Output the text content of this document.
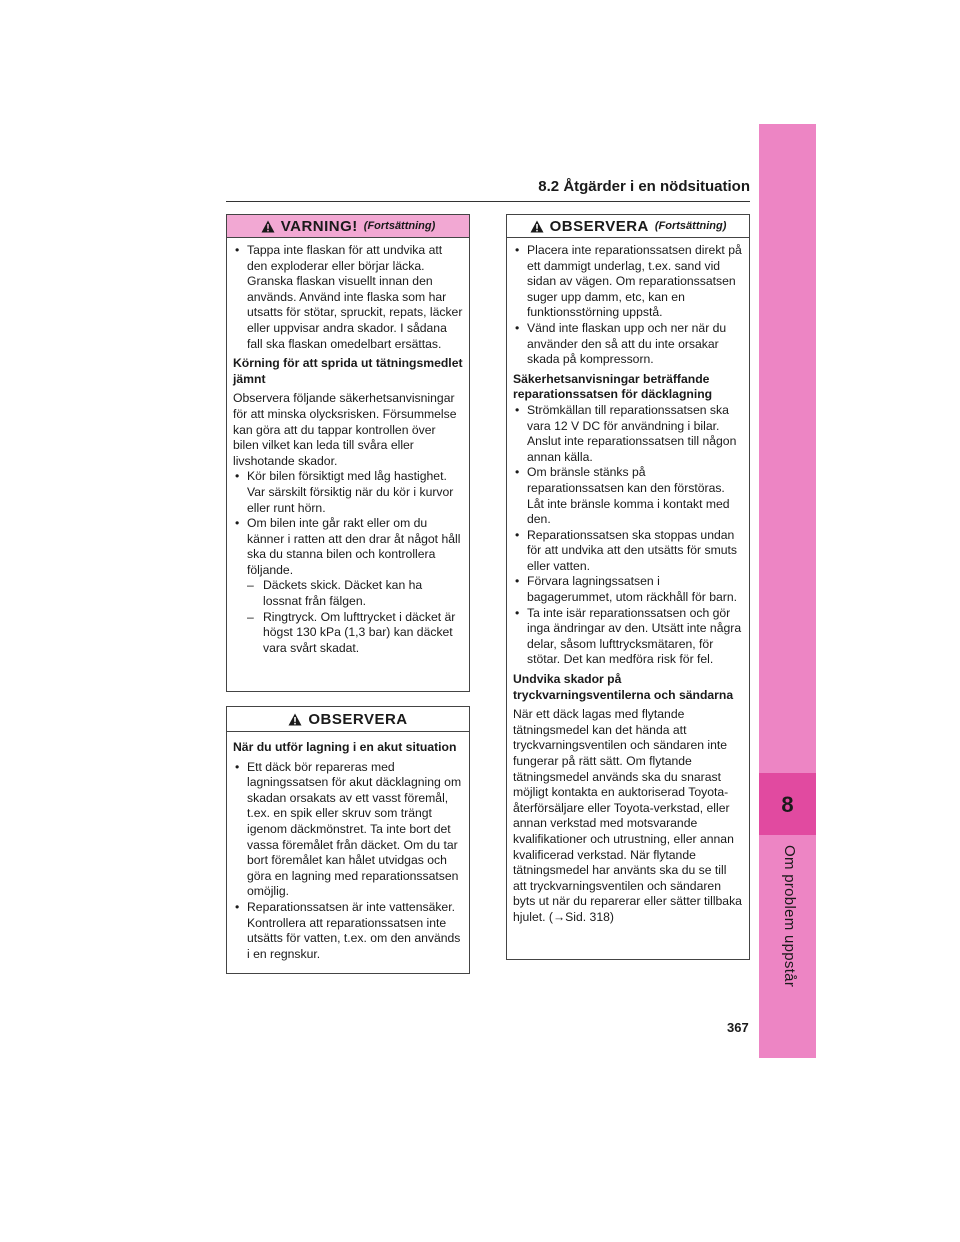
8
Om problem uppstår
8.2 Åtgärder i en nödsituation
VARNING! (Fortsättning)

• Tappa inte flaskan för att undvika att den exploderar eller börjar läcka. Granska flaskan visuellt innan den används. Använd inte flaska som har utsatts för stötar, spruckit, repats, läcker eller uppvisar andra skador. I sådana fall ska flaskan omedelbart ersättas.

Körning för att sprida ut tätningsmedlet jämnt

Observera följande säkerhetsanvisningar för att minska olycksrisken. Försummelse kan göra att du tappar kontrollen över bilen vilket kan leda till svåra eller livshotande skador.

• Kör bilen försiktigt med låg hastighet. Var särskilt försiktig när du kör i kurvor eller runt hörn.

• Om bilen inte går rakt eller om du känner i ratten att den drar åt något håll ska du stanna bilen och kontrollera följande.

– Däckets skick. Däcket kan ha lossnat från fälgen.

– Ringtryck. Om lufttrycket i däcket är högst 130 kPa (1,3 bar) kan däcket vara svårt skadat.

OBSERVERA

När du utför lagning i en akut situation

• Ett däck bör repareras med lagningssatsen för akut däcklagning om skadan orsakats av ett vasst föremål, t.ex. en spik eller skruv som trängt igenom däckmönstret. Ta inte bort det vassa föremålet från däcket. Om du tar bort föremålet kan hålet utvidgas och göra en lagning med reparationssatsen omöjlig.

• Reparationssatsen är inte vattensäker. Kontrollera att reparationssatsen inte utsätts för vatten, t.ex. om den används i en regnskur.

OBSERVERA (Fortsättning)

• Placera inte reparationssatsen direkt på ett dammigt underlag, t.ex. sand vid sidan av vägen. Om reparationssatsen suger upp damm, etc, kan en funktionsstörning uppstå.

• Vänd inte flaskan upp och ner när du använder den så att du inte orsakar skada på kompressorn.

Säkerhetsanvisningar beträffande reparationssatsen för däcklagning

• Strömkällan till reparationssatsen ska vara 12 V DC för användning i bilar. Anslut inte reparationssatsen till någon annan källa.

• Om bränsle stänks på reparationssatsen kan den förstöras. Låt inte bränsle komma i kontakt med den.

• Reparationssatsen ska stoppas undan för att undvika att den utsätts för smuts eller vatten.

• Förvara lagningssatsen i bagagerummet, utom räckhåll för barn.

• Ta inte isär reparationssatsen och gör inga ändringar av den. Utsätt inte några delar, såsom lufttrycksmätaren, för stötar. Det kan medföra risk för fel.

Undvika skador på tryckvarningsventilerna och sändarna

När ett däck lagas med flytande tätningsmedel kan det hända att tryckvarningsventilen och sändaren inte fungerar på rätt sätt. Om flytande tätningsmedel används ska du snarast möjligt kontakta en auktoriserad Toyota-återförsäljare eller Toyota-verkstad, eller annan verkstad med motsvarande kvalifikationer och utrustning, eller annan kvalificerad verkstad. När flytande tätningsmedel har använts ska du se till att tryckvarningsventilen och sändaren byts ut när du reparerar eller sätter tillbaka hjulet. (→Sid. 318)

367
